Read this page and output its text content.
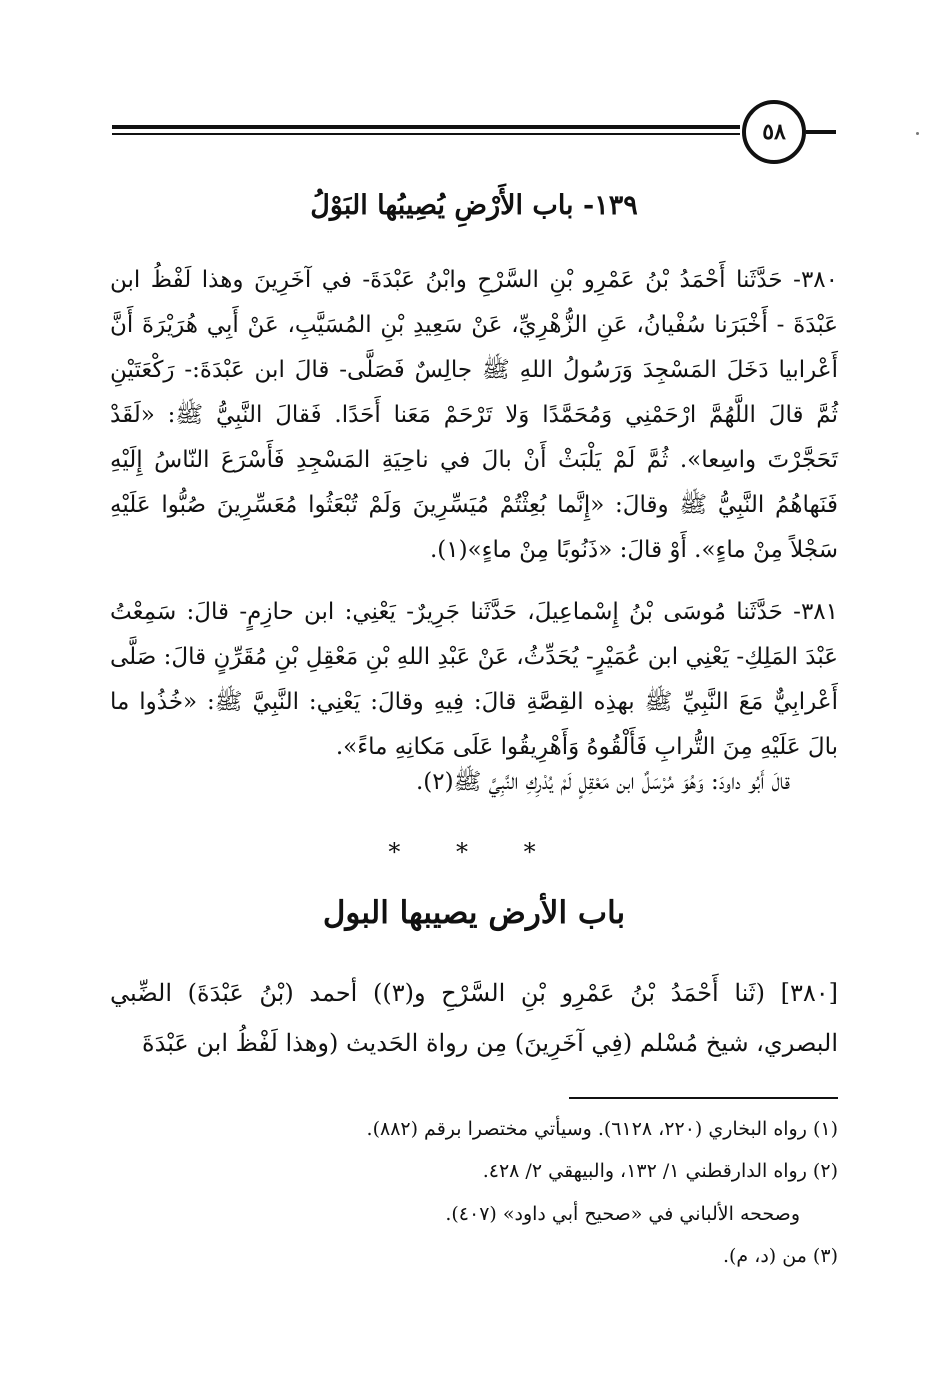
٥٨
١٣٩- باب الأَرْضِ يُصِيبُها البَوْلُ
٣٨٠- حَدَّثَنا أَحْمَدُ بْنُ عَمْرِو بْنِ السَّرْحِ وابْنُ عَبْدَةَ- في آخَرِينَ وهذا لَفْظُ ابن عَبْدَةَ - أَخْبَرَنا سُفْيانُ، عَنِ الزُّهْرِيِّ، عَنْ سَعِيدِ بْنِ المُسَيَّبِ، عَنْ أَبِي هُرَيْرَةَ أَنَّ أَعْرابيا دَخَلَ المَسْجِدَ وَرَسُولُ اللهِ ﷺ جالِسٌ فَصَلَّى- قالَ ابن عَبْدَةَ:- رَكْعَتَيْنِ ثُمَّ قالَ اللَّهُمَّ ارْحَمْنِي وَمُحَمَّدًا وَلا تَرْحَمْ مَعَنا أَحَدًا. فَقالَ النَّبِيُّ ﷺ: «لَقَدْ تَحَجَّرْتَ واسِعا». ثُمَّ لَمْ يَلْبَثْ أَنْ بالَ في ناحِيَةِ المَسْجِدِ فَأَسْرَعَ النّاسُ إِلَيْهِ فَنَهاهُمُ النَّبِيُّ ﷺ وقالَ: «إِنَّما بُعِثْتُمْ مُيَسِّرِينَ وَلَمْ تُبْعَثُوا مُعَسِّرِينَ صُبُّوا عَلَيْهِ سَجْلاً مِنْ ماءٍ». أَوْ قالَ: «ذَنُوبًا مِنْ ماءٍ»(١).
٣٨١- حَدَّثَنا مُوسَى بْنُ إِسْماعِيلَ، حَدَّثَنا جَرِيرٌ- يَعْنِي: ابن حازِمٍ- قالَ: سَمِعْتُ عَبْدَ المَلِكِ- يَعْنِي ابن عُمَيْرٍ- يُحَدِّثُ، عَنْ عَبْدِ اللهِ بْنِ مَعْقِلِ بْنِ مُقَرِّنٍ قالَ: صَلَّى أَعْرابِيٌّ مَعَ النَّبِيِّ ﷺ بهذِه القِصَّةِ قالَ: فِيهِ وقالَ: يَعْنِي: النَّبِيَّ ﷺ: «خُذُوا ما بالَ عَلَيْهِ مِنَ التُّرابِ فَأَلْقُوهُ وَأَهْرِيقُوا عَلَى مَكانِهِ ماءً».
قالَ أَبُو داودَ: وَهُوَ مُرْسَلٌ ابن مَعْقِلٍ لَمْ يُدْرِكِ النَّبِيَّ ﷺ(٢).
* * *
باب الأرض يصيبها البول
[٣٨٠] (ثَنا أَحْمَدُ بْنُ عَمْرِو بْنِ السَّرْحِ و(٣)) أحمد (بْنُ عَبْدَةَ) الضِّبي البصري، شيخ مُسْلم (فِي آخَرِينَ) مِن رواة الحَديث (وهذا لَفْظُ ابن عَبْدَةَ
(١) رواه البخاري (٢٢٠، ٦١٢٨). وسيأتي مختصرا برقم (٨٨٢).
(٢) رواه الدارقطني ١/ ١٣٢، والبيهقي ٢/ ٤٢٨.
وصححه الألباني في «صحيح أبي داود» (٤٠٧).
(٣) من (د، م).
